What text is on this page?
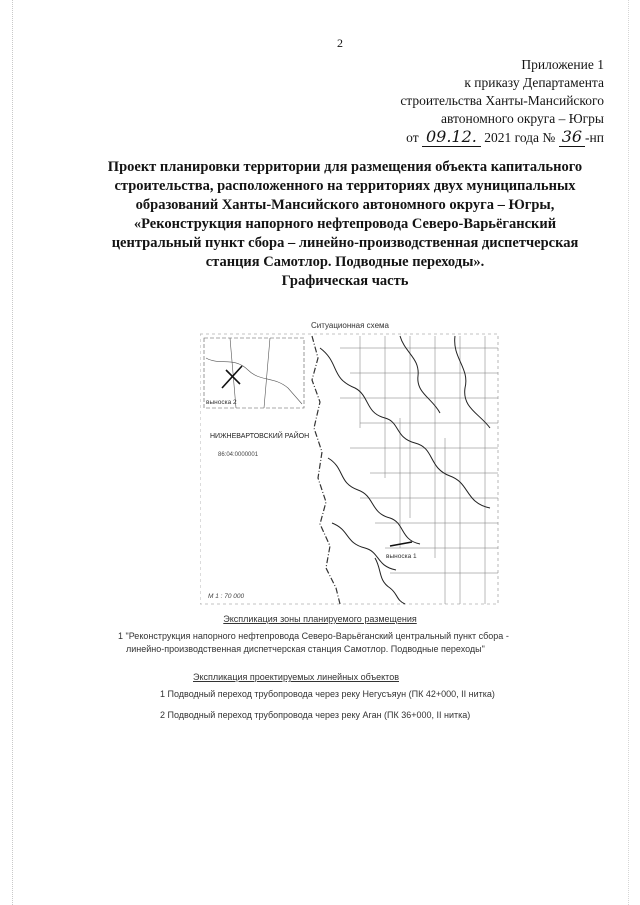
2
Приложение 1
к приказу Департамента
строительства Ханты-Мансийского
автономного округа – Югры
от 09.12. 2021 года № 36 -нп
Проект планировки территории для размещения объекта капитального
строительства, расположенного на территориях двух муниципальных
образований Ханты-Мансийского автономного округа – Югры,
«Реконструкция напорного нефтепровода Северо-Варьёганский
центральный пункт сбора – линейно-производственная диспетчерская
станция Самотлор. Подводные переходы».
Графическая часть
Ситуационная схема
выноска 2
НИЖНЕВАРТОВСКИЙ РАЙОН
86:04:0000001
выноска 1
М 1 : 70 000
Экспликация зоны планируемого размещения
1 "Реконструкция напорного нефтепровода Северо-Варьёганский центральный пункт сбора -
линейно-производственная диспетчерская станция Самотлор. Подводные переходы"
Экспликация проектируемых линейных объектов
1 Подводный переход трубопровода через реку Негусъяун (ПК 42+000, II нитка)
2 Подводный переход трубопровода через реку Аган (ПК 36+000, II нитка)
